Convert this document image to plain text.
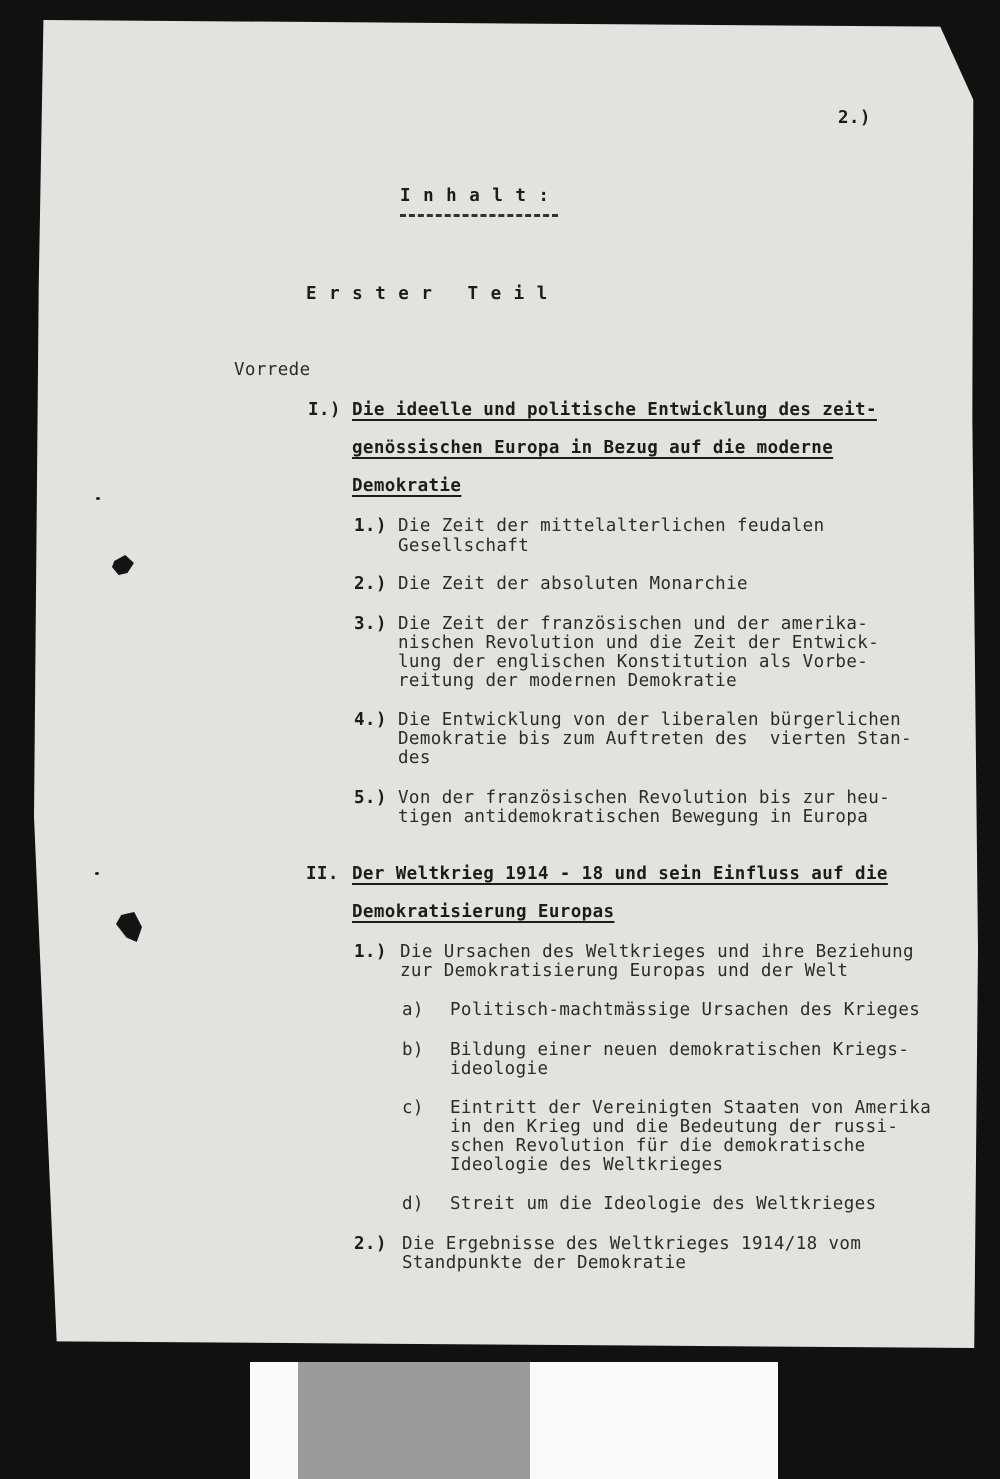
2.)
I n h a l t :
E r s t e r   T e i l
Vorrede
I.) Die ideelle und politische Entwicklung des zeit-
genössischen Europa in Bezug auf die moderne
Demokratie
1.) Die Zeit der mittelalterlichen feudalen
Gesellschaft
2.) Die Zeit der absoluten Monarchie
3.) Die Zeit der französischen und der amerika-
nischen Revolution und die Zeit der Entwick-
lung der englischen Konstitution als Vorbe-
reitung der modernen Demokratie
4.) Die Entwicklung von der liberalen bürgerlichen
Demokratie bis zum Auftreten des  vierten Stan-
des
5.) Von der französischen Revolution bis zur heu-
tigen antidemokratischen Bewegung in Europa
II. Der Weltkrieg 1914 - 18 und sein Einfluss auf die
Demokratisierung Europas
1.) Die Ursachen des Weltkrieges und ihre Beziehung
zur Demokratisierung Europas und der Welt
a) Politisch-machtmässige Ursachen des Krieges
b) Bildung einer neuen demokratischen Kriegs-
ideologie
c) Eintritt der Vereinigten Staaten von Amerika
in den Krieg und die Bedeutung der russi-
schen Revolution für die demokratische
Ideologie des Weltkrieges
d) Streit um die Ideologie des Weltkrieges
2.) Die Ergebnisse des Weltkrieges 1914/18 vom
Standpunkte der Demokratie
